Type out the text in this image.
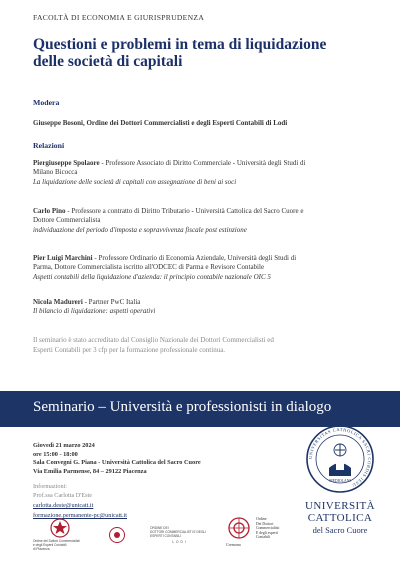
FACOLTÀ DI ECONOMIA E GIURISPRUDENZA
Questioni e problemi in tema di liquidazione
delle società di capitali
Modera
Giuseppe Bosoni, Ordine dei Dottori Commercialisti e degli Esperti Contabili di Lodi
Relazioni
Piergiuseppe Spolaore - Professore Associato di Diritto Commerciale - Università degli Studi di
Milano Bicocca
La liquidazione delle società di capitali con assegnazione di beni ai soci
Carlo Pino - Professore a contratto di Diritto Tributario - Università Cattolica del Sacro Cuore e
Dottore Commercialista
individuazione del periodo d'imposta e sopravvivenza fiscale post estinzione
Pier Luigi Marchini - Professore Ordinario di Economia Aziendale, Università degli Studi di
Parma, Dottore Commercialista iscritto all'ODCEC di Parma e Revisore Contabile
Aspetti contabili della liquidazione d'azienda: il principio contabile nazionale OIC 5
Nicola Madureri - Partner PwC Italia
Il bilancio di liquidazione: aspetti operativi
Il seminario è stato accreditato dal Consiglio Nazionale dei Dottori Commercialisti ed
Esperti Contabili per 3 cfp per la formazione professionale continua.
Seminario – Università e professionisti in dialogo
Giovedì 21 marzo 2024
ore 15:00 - 18:00
Sala Convegni G. Piana - Università Cattolica del Sacro Cuore
Via Emilia Parmense, 84 – 29122 Piacenza
Informazioni:
Prof.ssa Carlotta D'Este
carlotta.deste@unicatt.it
formazione.permanente-pc@unicatt.it
UNIVERSITAS CATHOLICA SACRI CORDIS IESU
MEDIOLANI
UNIVERSITÀ
CATTOLICA
del Sacro Cuore
Ordine dei Dottori Commercialisti
e degli Esperti Contabili
di Piacenza
ORDINE DEI
DOTTORI COMMERCIALISTI E DEGLI
ESPERTI CONTABILI
LODI	Cremona
Ordine
Dei Dottori
Commercialisti
E degli esperti
Contabili
